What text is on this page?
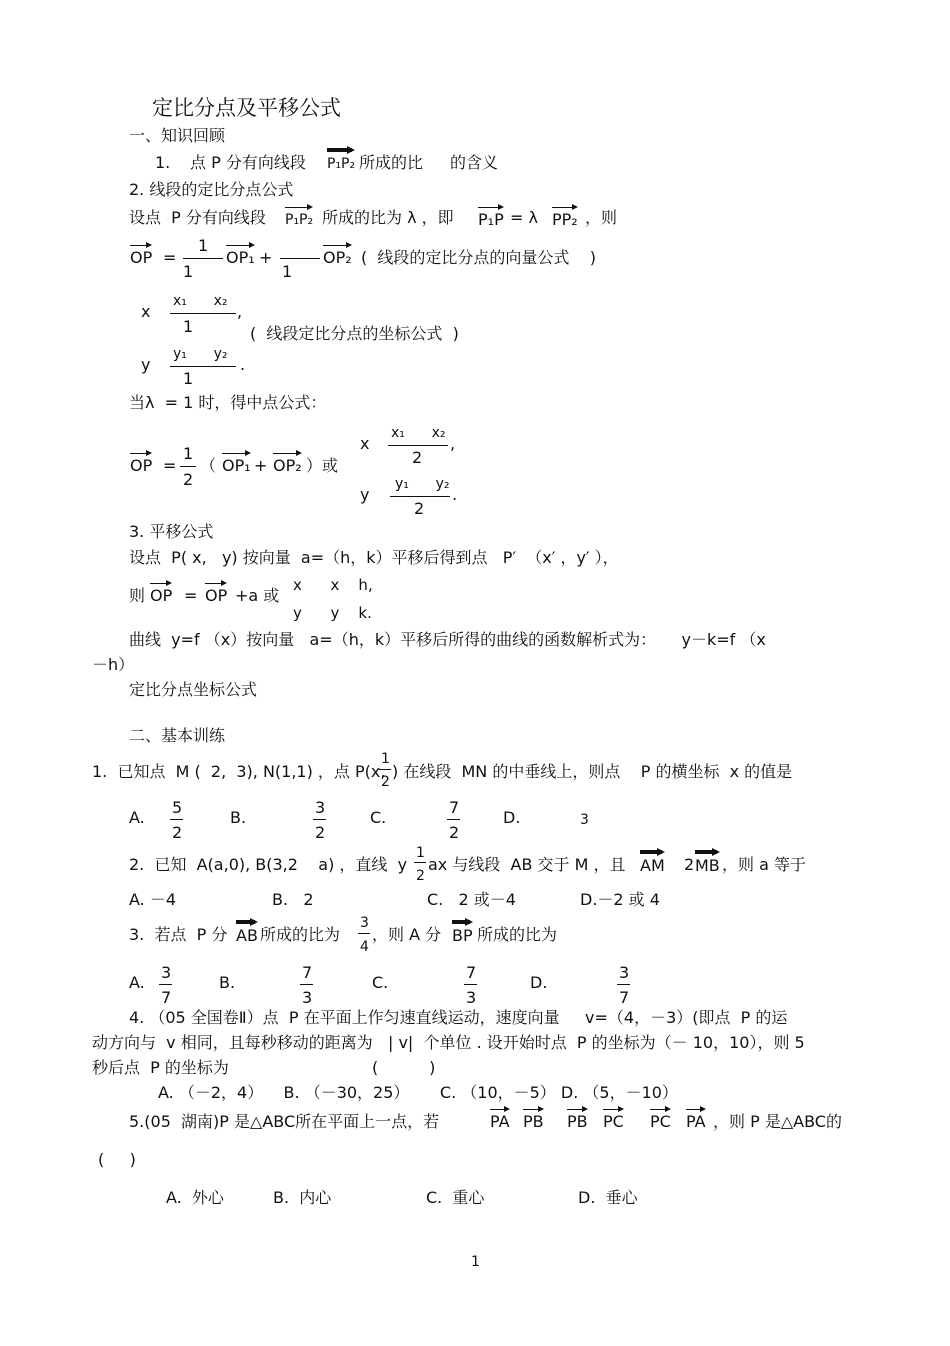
定比分点及平移公式
一、知识回顾
1. 点 P 分有向线段 P₁P₂ 所成的比 的含义
2. 线段的定比分点公式
设点  P 分有向线段 P₁P₂ 所成的比为 λ ，即 P₁P = λ PP₂ ，则
OP =
1
1
OP₁ +
1
OP₂ (  线段的定比分点的向量公式    )
x
x₁      x₂
1
,
(  线段定比分点的坐标公式  )
y
y₁      y₂
1
.
当λ  = 1 时，得中点公式：
OP =
1
2
（ OP₁ + OP₂ ）或
x
x₁      x₂
2
,
y
y₁      y₂
2
.
3. 平移公式
设点  P( x,   y) 按向量  a=（h，k）平移后得到点   P′  （x′ ，y′ ），
则 OP = OP +a 或
x      x    h,
y      y    k.
曲线  y=f （x）按向量   a=（h，k）平移后所得的曲线的函数解析式为：     y－k=f （x
－h）
定比分点坐标公式
二、基本训练
1.  已知点  M (  2,  3), N(1,1) ，点 P(x,
1
2
) 在线段  MN 的中垂线上，则点    P 的横坐标  x 的值是
A.
5
2
B.
3
2
C.
7
2
D.	3
2.  已知  A(a,0), B(3,2    a) ，直线  y
1
2
ax 与线段  AB 交于 M ，且 AM 2 MB ，则 a 等于
A. －4	B.   2	C.   2 或－4	D.－2 或 4
3.  若点  P 分 AB 所成的比为
3
4
，则 A 分 BP 所成的比为
A.
3
7
B.
7
3
C.
7
3
D.
3
7
4. （05 全国卷Ⅱ）点  P 在平面上作匀速直线运动，速度向量     v=（4，－3）(即点  P 的运
动方向与  v 相同，且每秒移动的距离为   | v|  个单位 . 设开始时点  P 的坐标为（－ 10，10），则 5
秒后点  P 的坐标为	(          )
A. （－2，4）    B. （－30，25）      C. （10，－5） D. （5，－10）
5.(05  湖南)P 是△ABC所在平面上一点，若	PA PB PB PC PC PA ，则 P 是△ABC的
(     )
A.  外心	B.  内心	C.  重心	D.  垂心
1
